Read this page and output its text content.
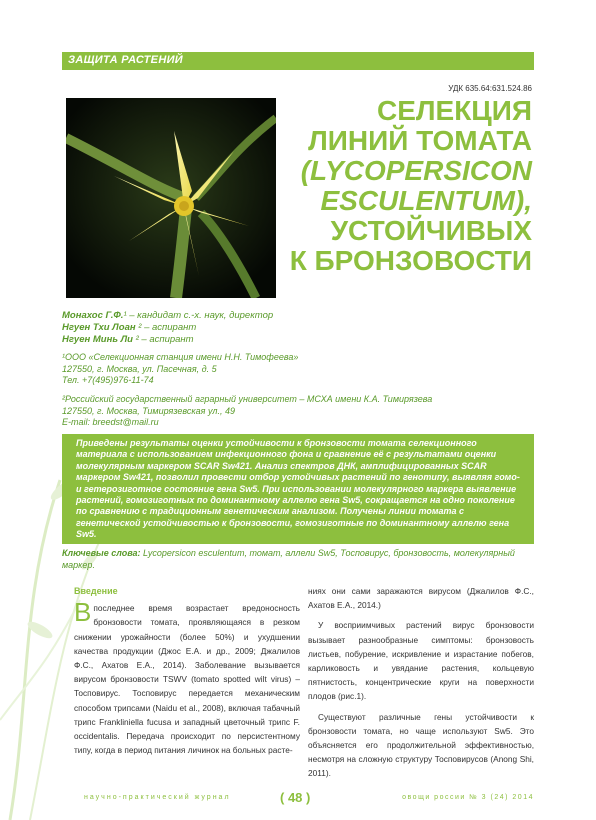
ЗАЩИТА РАСТЕНИЙ
УДК 635.64:631.524.86
СЕЛЕКЦИЯ
ЛИНИЙ ТОМАТА
(LYCOPERSICON
ESCULENTUM),
УСТОЙЧИВЫХ
К БРОНЗОВОСТИ
Монахос Г.Ф.¹ – кандидат с.-х. наук, директор
Нгуен Тхи Лоан ² – аспирант
Нгуен Минь Ли ² – аспирант
¹ООО «Селекционная станция имени Н.Н. Тимофеева»
127550, г. Москва, ул. Пасечная, д. 5
Тел. +7(495)976-11-74
²Российский государственный аграрный университет – МСХА имени К.А. Тимирязева
127550, г. Москва, Тимирязевская ул., 49
E-mail: breedst@mail.ru

Приведены результаты оценки устойчивости к бронзовости томата селекционного материала с использованием инфекционного фона и сравнение её с результатами оценки молекулярным маркером SCAR Sw421. Анализ спектров ДНК, амплифицированных SCAR маркером Sw421, позволил провести отбор устойчивых растений по генотипу, выявляя гомо- и гетерозиготное состояние гена Sw5. При использовании молекулярного маркера выявление растений, гомозиготных по доминантному аллелю гена Sw5, сокращается на одно поколение по сравнению с традиционным генетическим анализом. Получены линии томата с генетической устойчивостью к бронзовости, гомозиготные по доминантному аллелю гена Sw5.

Ключевые слова: Lycopersicon esculentum, томат, аллели Sw5, Тосповирус, бронзовость, молекулярный маркер.
Введение

Впоследнее время возрастает вредоносность бронзовости томата, проявляющаяся в резком снижении урожайности (более 50%) и ухудшении качества продукции (Джос Е.А. и др., 2009; Джалилов Ф.С., Ахатов Е.А., 2014). Заболевание вызывается вирусом бронзовости TSWV (tomato spotted wilt virus) – Тосповирус. Тосповирус передается механическим способом трипсами (Naidu et al., 2008), включая табачный трипс Frankliniella fucusa и западный цветочный трипс F. occidentalis. Передача происходит по персистентному типу, когда в период питания личинок на больных расте-

ниях они сами заражаются вирусом (Джалилов Ф.С., Ахатов Е.А., 2014.)

У восприимчивых растений вирус бронзовости вызывает разнообразные симптомы: бронзовость листьев, побурение, искривление и израстание побегов, карликовость и увядание растения, кольцевую пятнистость, концентрические круги на поверхности плодов (рис.1).

Существуют различные гены устойчивости к бронзовости томата, но чаще используют Sw5. Это объясняется его продолжительной эффективностью, несмотря на сложную структуру Тосповирусов (Anong Shi, 2011).

научно-практический журнал	( 48 )	овощи россии № 3 (24) 2014
